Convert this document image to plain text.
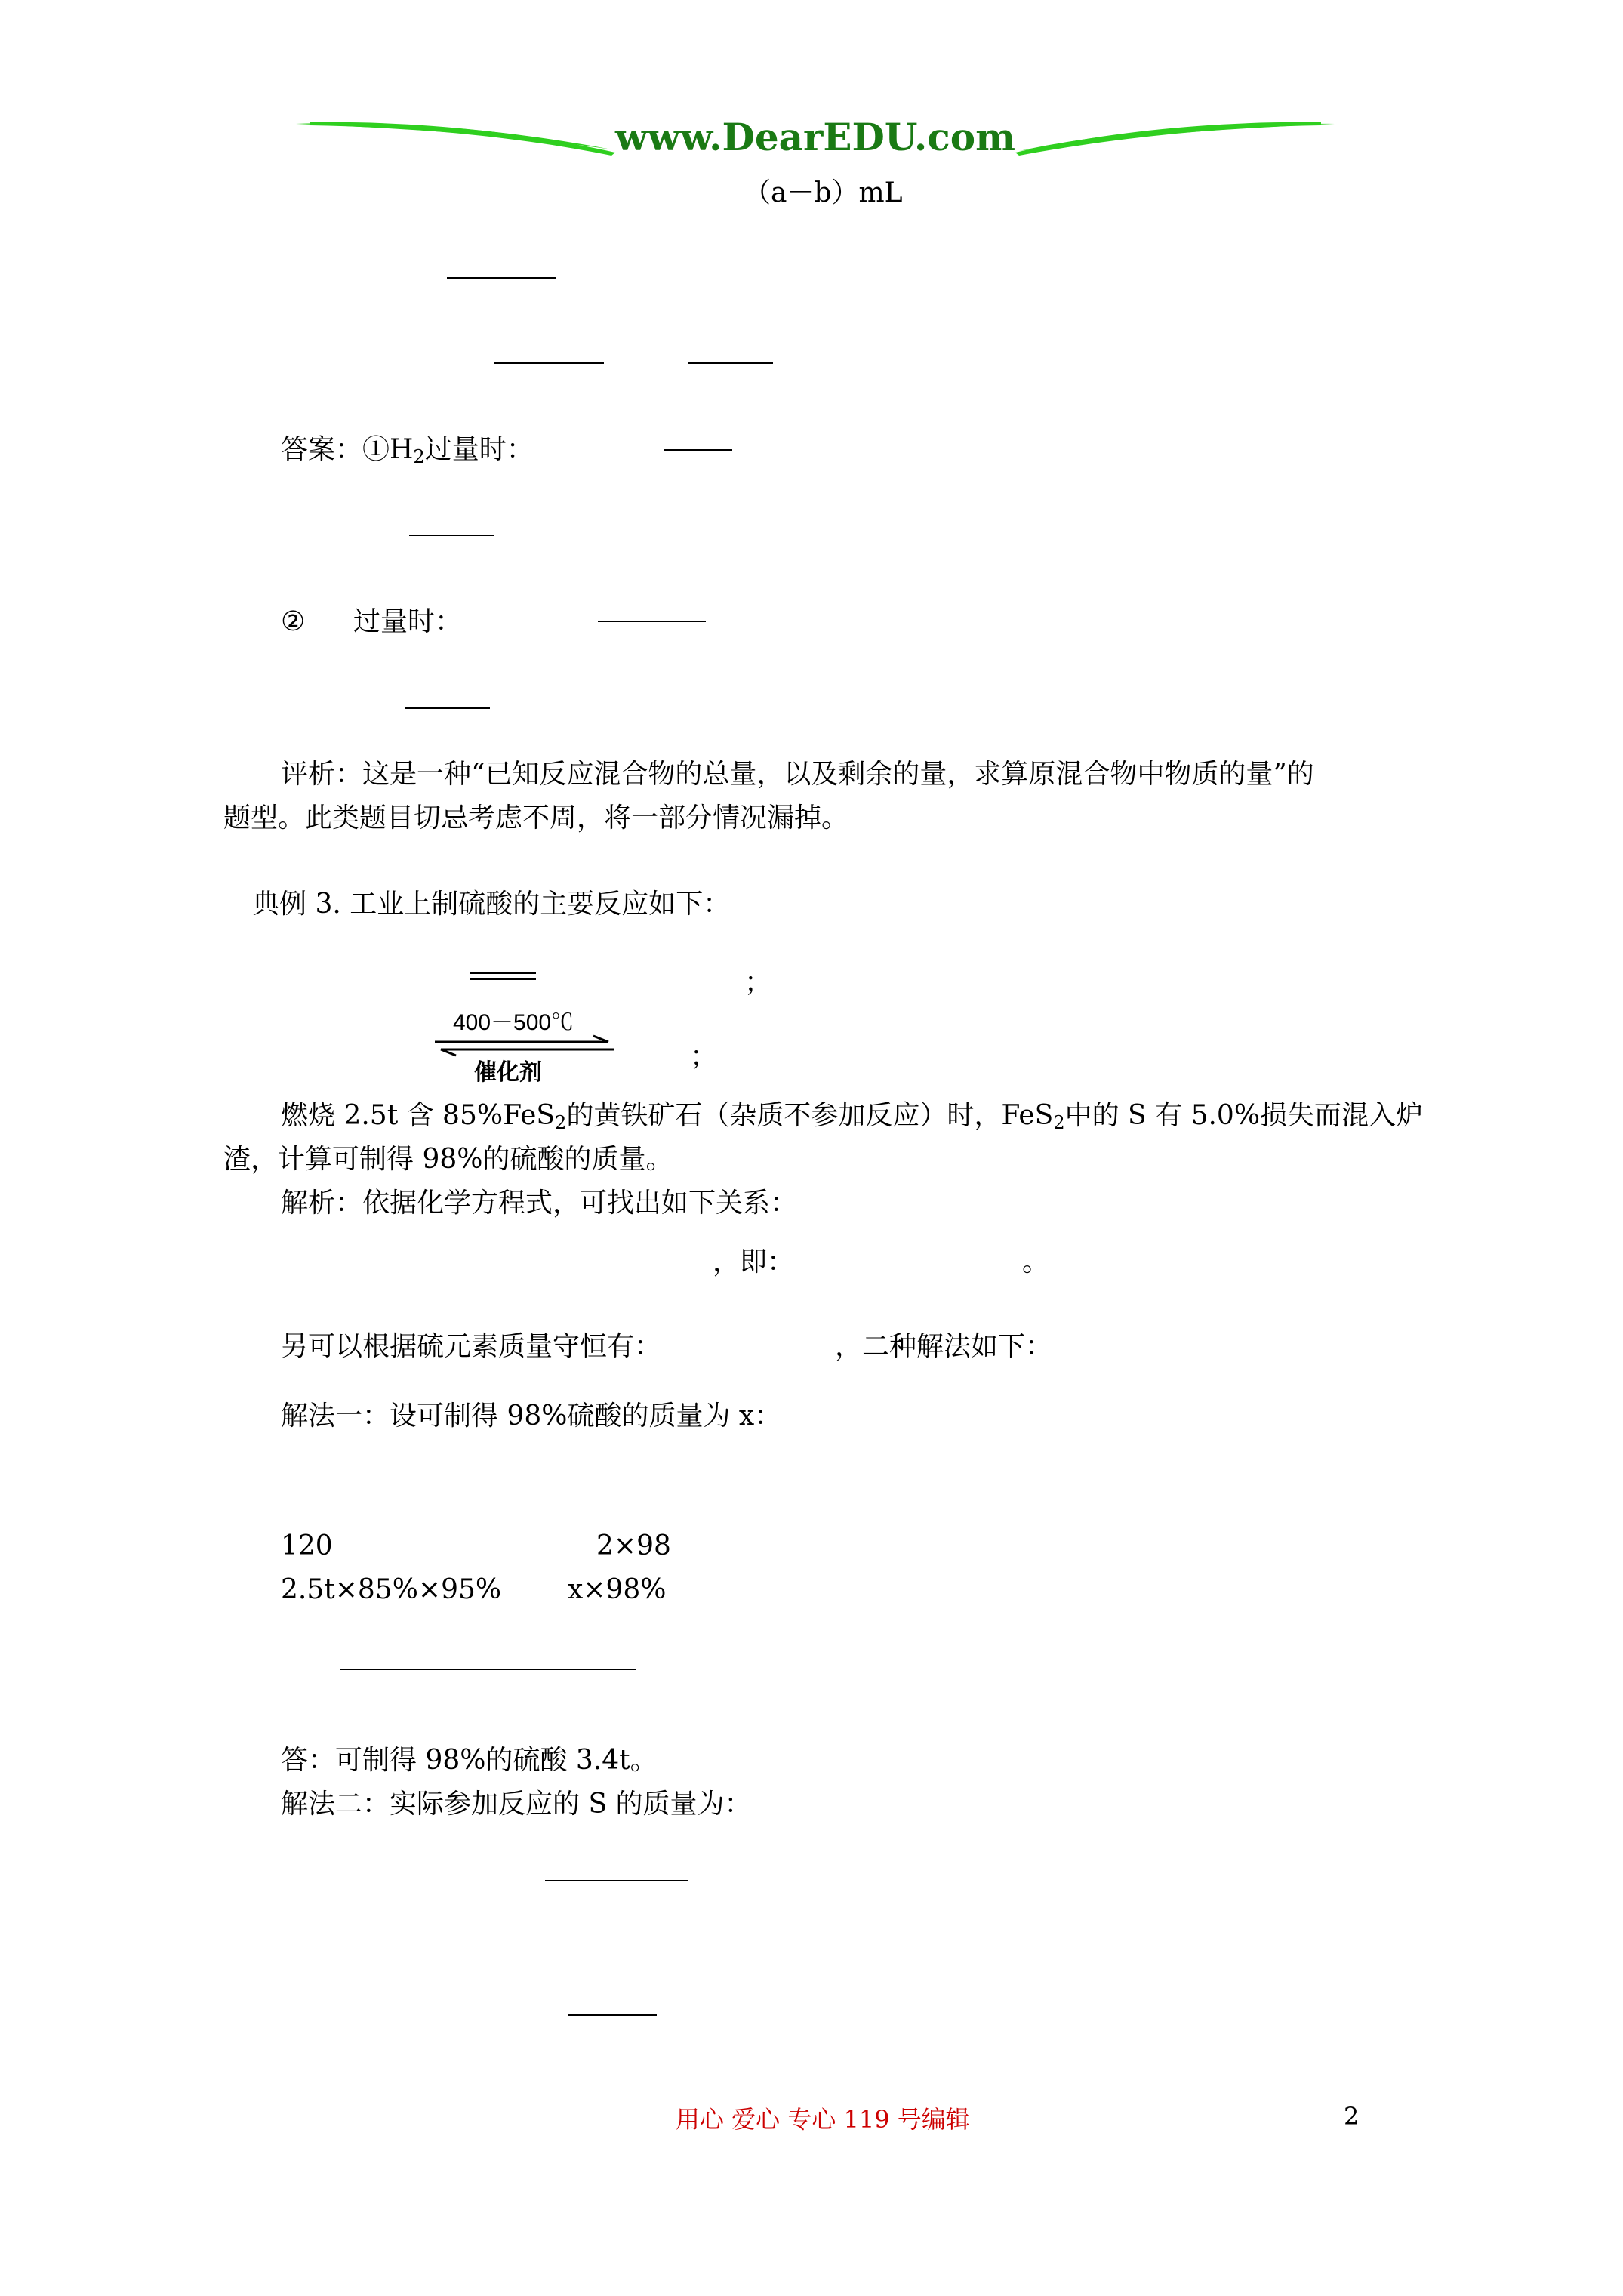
www.DearEDU.com
（a－b）mL
答案：$①H_2$过量时：
② 过量时：
评析：这是一种“已知反应混合物的总量，以及剩余的量，求算原混合物中物质的量”的
题型。此类题目切忌考虑不周，将一部分情况漏掉。
典例 3. 工业上制硫酸的主要反应如下：
；
400－500℃
催化剂
；
燃烧 2.5t 含 85%FeS$_2$的黄铁矿石（杂质不参加反应）时，FeS$_2$中的 S 有 5.0%损失而混入炉
渣，计算可制得 98%的硫酸的质量。
解析：依据化学方程式，可找出如下关系：
，即：	。
另可以根据硫元素质量守恒有：	，二种解法如下：
解法一：设可制得 98%硫酸的质量为 x：
120	2×98
2.5t×85%×95% x×98%
答：可制得 98%的硫酸 3.4t。
解法二：实际参加反应的 S 的质量为：
用心 爱心 专心 119 号编辑	2
